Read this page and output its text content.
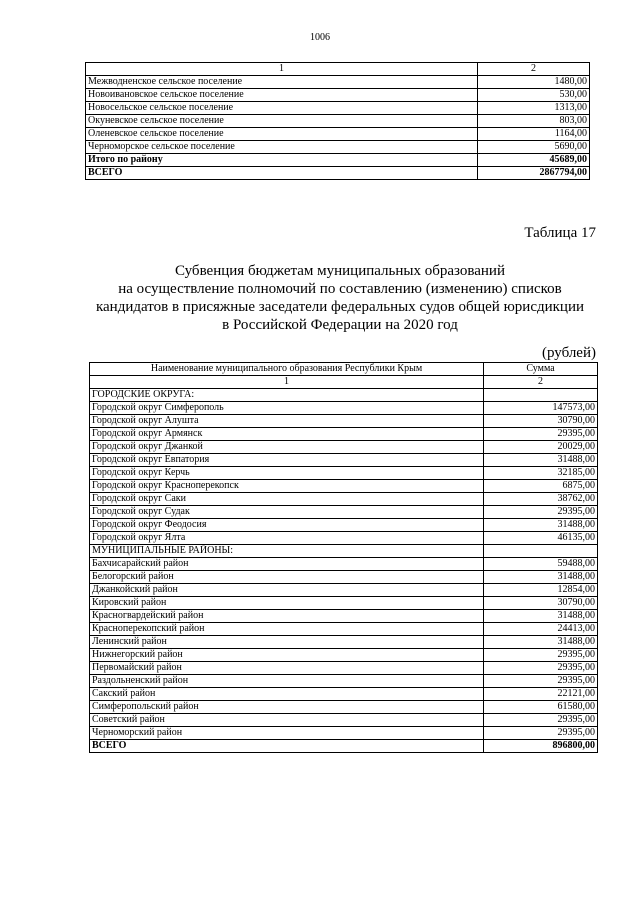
1006
1	2
Межводненское сельское поселение	1480,00
Новоивановское сельское поселение	530,00
Новосельское сельское поселение	1313,00
Окуневское сельское поселение	803,00
Оленевское сельское поселение	1164,00
Черноморское сельское поселение	5690,00
Итого по району	45689,00
ВСЕГО	2867794,00
Таблица 17
Субвенция бюджетам муниципальных образований
на осуществление полномочий по составлению (изменению) списков
кандидатов в присяжные заседатели федеральных судов общей юрисдикции
в Российской Федерации на 2020 год
(рублей)
Наименование муниципального образования Республики Крым	Сумма
1	2
ГОРОДСКИЕ ОКРУГА:	
Городской округ Симферополь	147573,00
Городской округ Алушта	30790,00
Городской округ Армянск	29395,00
Городской округ Джанкой	20029,00
Городской округ Евпатория	31488,00
Городской округ Керчь	32185,00
Городской округ Красноперекопск	6875,00
Городской округ Саки	38762,00
Городской округ Судак	29395,00
Городской округ Феодосия	31488,00
Городской округ Ялта	46135,00
МУНИЦИПАЛЬНЫЕ РАЙОНЫ:	
Бахчисарайский район	59488,00
Белогорский район	31488,00
Джанкойский район	12854,00
Кировский район	30790,00
Красногвардейский район	31488,00
Красноперекопский район	24413,00
Ленинский район	31488,00
Нижнегорский район	29395,00
Первомайский район	29395,00
Раздольненский район	29395,00
Сакский район	22121,00
Симферопольский район	61580,00
Советский район	29395,00
Черноморский район	29395,00
ВСЕГО	896800,00
